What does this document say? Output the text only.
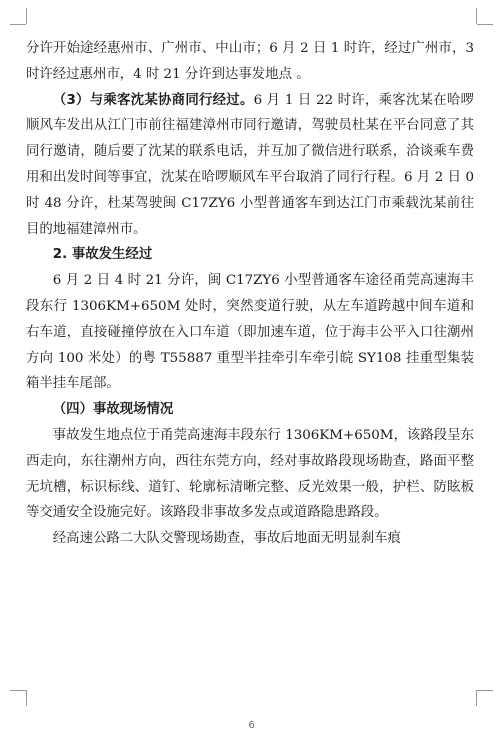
分许开始途经惠州市、广州市、中山市；6 月 2 日 1 时许，经过广州市，3 时许经过惠州市，4 时 21 分许到达事发地点 。

（3）与乘客沈某协商同行经过。6 月 1 日 22 时许，乘客沈某在哈啰顺风车发出从江门市前往福建漳州市同行邀请，驾驶员杜某在平台同意了其同行邀请，随后要了沈某的联系电话，并互加了微信进行联系，洽谈乘车费用和出发时间等事宜，沈某在哈啰顺风车平台取消了同行行程。6 月 2 日 0 时 48 分许，杜某驾驶闽 C17ZY6 小型普通客车到达江门市乘载沈某前往目的地福建漳州市。

2. 事故发生经过

6 月 2 日 4 时 21 分许，闽 C17ZY6 小型普通客车途径甬莞高速海丰段东行 1306KM+650M 处时，突然变道行驶，从左车道跨越中间车道和右车道，直接碰撞停放在入口车道（即加速车道，位于海丰公平入口往潮州方向 100 米处）的粤 T55887 重型半挂牵引车牵引皖 SY108 挂重型集装箱半挂车尾部。

（四）事故现场情况

事故发生地点位于甬莞高速海丰段东行 1306KM+650M，该路段呈东西走向，东往潮州方向，西往东莞方向，经对事故路段现场勘查，路面平整无坑槽，标识标线、道钉、轮廓标清晰完整、反光效果一般，护栏、防眩板等交通安全设施完好。该路段非事故多发点或道路隐患路段。

经高速公路二大队交警现场勘查，事故后地面无明显刹车痕

6
